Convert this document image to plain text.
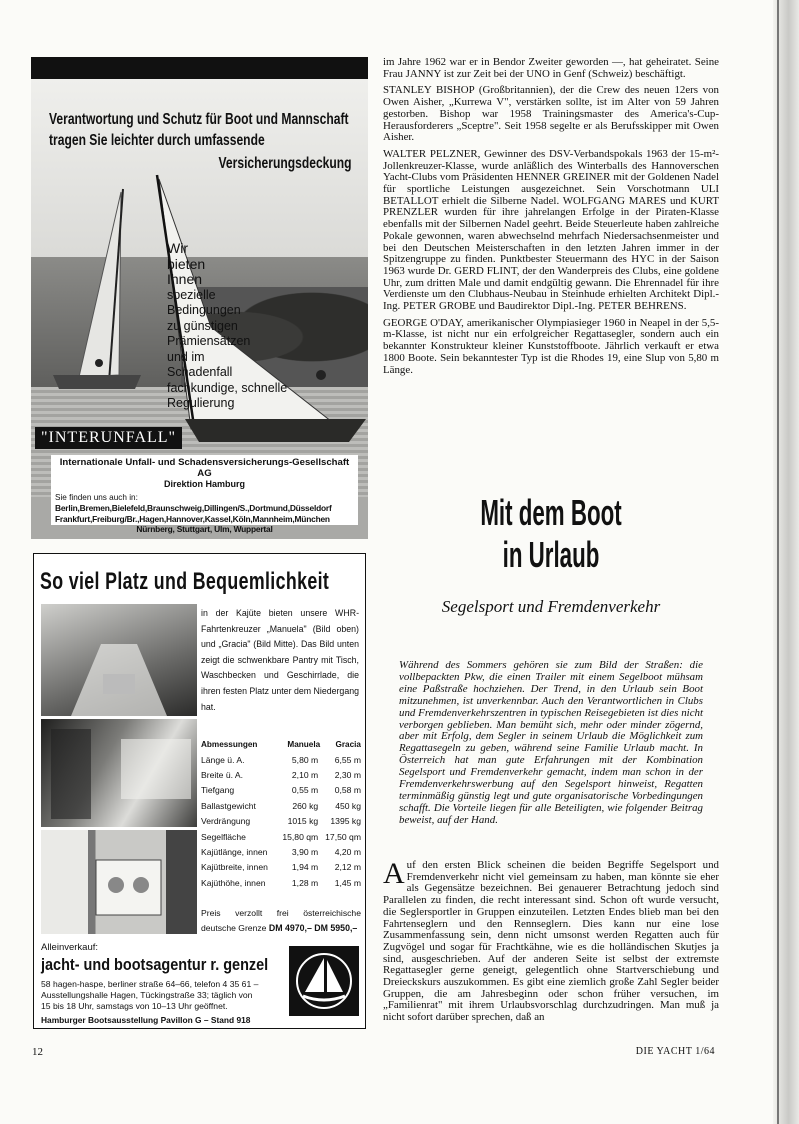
Verantwortung und Schutz für Boot und Mannschaft
tragen Sie leichter durch umfassende
Versicherungsdeckung
Wir
bieten
Ihnen
spezielle
Bedingungen
zu günstigen
Prämiensätzen
und im
Schadenfall
fachkundige, schnelle
Regulierung
"INTERUNFALL"
Internationale Unfall- und Schadensversicherungs-Gesellschaft AG
Direktion Hamburg
Sie finden uns auch in:
Berlin,Bremen,Bielefeld,Braunschweig,Dillingen/S.,Dortmund,Düsseldorf
Frankfurt,Freiburg/Br.,Hagen,Hannover,Kassel,Köln,Mannheim,München
Nürnberg, Stuttgart, Ulm, Wuppertal
So viel Platz und Bequemlichkeit
in der Kajüte bieten unsere WHR-Fahrtenkreuzer „Manuela" (Bild oben) und „Gracia" (Bild Mitte). Das Bild unten zeigt die schwenkbare Pantry mit Tisch, Waschbecken und Geschirrlade, die ihren festen Platz unter dem Niedergang hat.
Abmessungen	Manuela	Gracia
Länge ü. A.	5,80 m	6,55 m
Breite ü. A.	2,10 m	2,30 m
Tiefgang	0,55 m	0,58 m
Ballastgewicht	260 kg	450 kg
Verdrängung	1015 kg	1395 kg
Segelfläche	15,80 qm	17,50 qm
Kajütlänge, innen	3,90 m	4,20 m
Kajütbreite, innen	1,94 m	2,12 m
Kajüthöhe, innen	1,28 m	1,45 m
Preis verzollt frei österreichische deutsche Grenze DM 4970,– DM 5950,–
Alleinverkauf:
jacht- und bootsagentur r. genzel
58 hagen-haspe, berliner straße 64–66, telefon 4 35 61 –
Ausstellungshalle Hagen, Tückingstraße 33; täglich von
15 bis 18 Uhr, samstags von 10–13 Uhr geöffnet.
Hamburger Bootsausstellung Pavillon G – Stand 918

im Jahre 1962 war er in Bendor Zweiter geworden —, hat geheiratet. Seine Frau JANNY ist zur Zeit bei der UNO in Genf (Schweiz) beschäftigt.

STANLEY BISHOP (Großbritannien), der die Crew des neuen 12ers von Owen Aisher, „Kurrewa V", verstärken sollte, ist im Alter von 59 Jahren gestorben. Bishop war 1958 Trainingsmaster des America's-Cup-Herausforderers „Sceptre". Seit 1958 segelte er als Berufsskipper mit Owen Aisher.

WALTER PELZNER, Gewinner des DSV-Verbandspokals 1963 der 15-m²-Jollenkreuzer-Klasse, wurde anläßlich des Winterballs des Hannoverschen Yacht-Clubs vom Präsidenten HENNER GREINER mit der Goldenen Nadel für sportliche Leistungen ausgezeichnet. Sein Vorschotmann ULI BETALLOT erhielt die Silberne Nadel. WOLFGANG MARES und KURT PRENZLER wurden für ihre jahrelangen Erfolge in der Piraten-Klasse ebenfalls mit der Silbernen Nadel geehrt. Beide Steuerleute haben zahlreiche Pokale gewonnen, waren abwechselnd mehrfach Niedersachsenmeister und bei den Deutschen Meisterschaften in den letzten Jahren immer in der Spitzengruppe zu finden. Punktbester Steuermann des HYC in der Saison 1963 wurde Dr. GERD FLINT, der den Wanderpreis des Clubs, eine goldene Uhr, zum dritten Male und damit endgültig gewann. Die Ehrennadel für ihre Verdienste um den Clubhaus-Neubau in Steinhude erhielten Architekt Dipl.-Ing. PETER GROBE und Baudirektor Dipl.-Ing. PETER BEHRENS.

GEORGE O'DAY, amerikanischer Olympiasieger 1960 in Neapel in der 5,5-m-Klasse, ist nicht nur ein erfolgreicher Regattasegler, sondern auch ein bekannter Konstrukteur kleiner Kunststoffboote. Jährlich verkauft er etwa 1800 Boote. Sein bekanntester Typ ist die Rhodes 19, eine Slup von 5,80 m Länge.

Mit dem Boot
in Urlaub
Segelsport und Fremdenverkehr
Während des Sommers gehören sie zum Bild der Straßen: die vollbepackten Pkw, die einen Trailer mit einem Segelboot mühsam eine Paßstraße hochziehen. Der Trend, in den Urlaub sein Boot mitzunehmen, ist unverkennbar. Auch den Verantwortlichen in Clubs und Fremdenverkehrszentren in typischen Reisegebieten ist dies nicht verborgen geblieben. Man bemüht sich, mehr oder minder zögernd, aber mit Erfolg, dem Segler in seinem Urlaub die Möglichkeit zum Regattasegeln zu geben, während seine Familie Urlaub macht. In Österreich hat man gute Erfahrungen mit der Kombination Segelsport und Fremdenverkehr gemacht, indem man schon in der Fremdenverkehrswerbung auf den Segelsport hinweist, Regatten terminmäßig günstig legt und gute organisatorische Vorbedingungen schafft. Die Vorteile liegen für alle Beteiligten, wie folgender Beitrag beweist, auf der Hand.
A uf den ersten Blick scheinen die beiden Begriffe Segelsport und Fremdenverkehr nicht viel gemeinsam zu haben, man könnte sie eher als Gegensätze bezeichnen. Bei genauerer Betrachtung jedoch sind Parallelen zu finden, die recht interessant sind. Schon oft wurde versucht, die Seglersportler in Gruppen einzuteilen. Letzten Endes blieb man bei den Fahrtenseglern und den Rennseglern. Dies kann nur eine lose Zusammenfassung sein, denn nicht umsonst werden Regatten auch für Zugvögel und sogar für Frachtkähne, wie es die holländischen Skutjes ja sind, ausgeschrieben. Auf der anderen Seite ist selbst der extremste Regattasegler gerne geneigt, gelegentlich ohne Startverschiebung und Dreieckskurs auszukommen. Es gibt eine ziemlich große Zahl Segler beider Gruppen, die am Jahresbeginn oder schon früher versuchen, im „Familienrat" mit ihrem Urlaubsvorschlag durchzudringen. Man muß ja nicht sofort darüber sprechen, daß an
12	DIE YACHT 1/64
